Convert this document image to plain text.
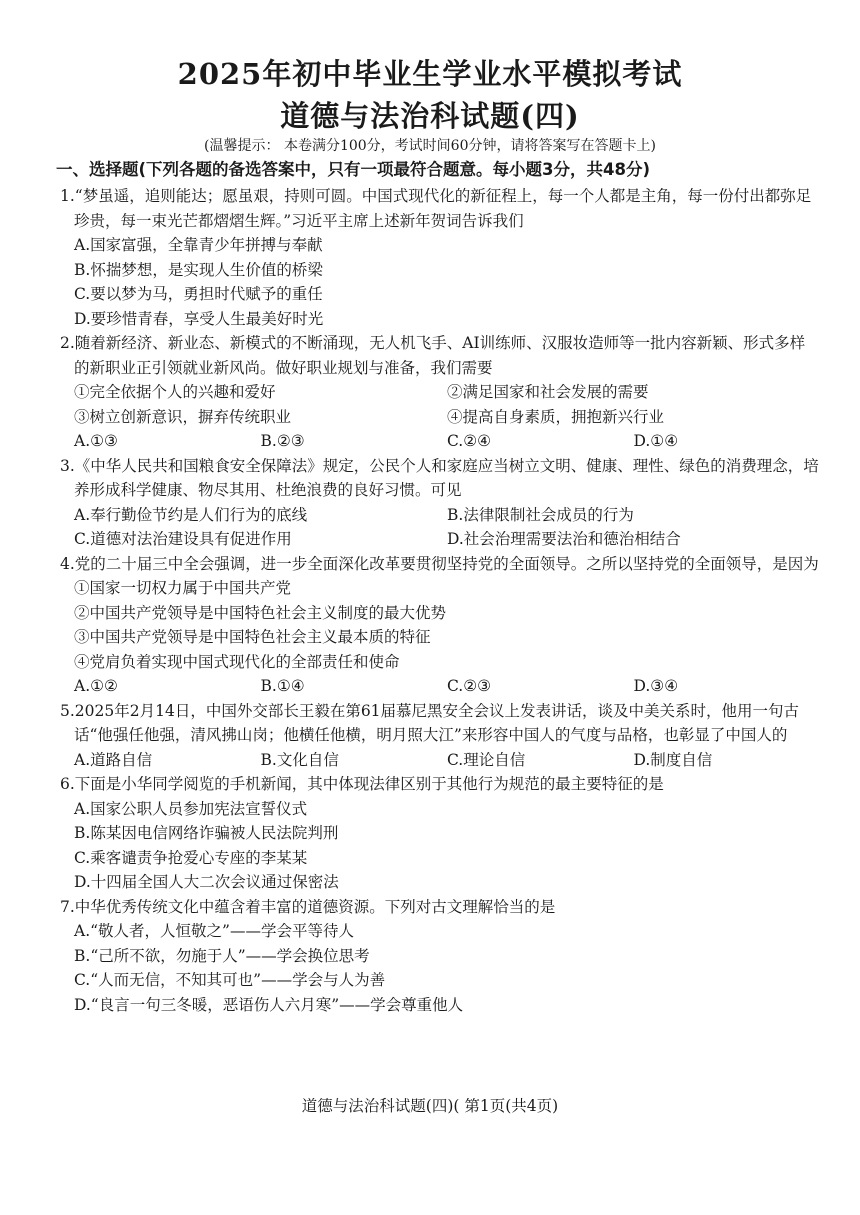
2025年初中毕业生学业水平模拟考试
道德与法治科试题(四)
(温馨提示： 本卷满分100分，考试时间60分钟，请将答案写在答题卡上)
一、选择题(下列各题的备选答案中，只有一项最符合题意。每小题3分，共48分)

1.“梦虽遥，追则能达；愿虽艰，持则可圆。中国式现代化的新征程上，每一个人都是主角，每一份付出都弥足珍贵，每一束光芒都熠熠生辉。”习近平主席上述新年贺词告诉我们

A.国家富强，全靠青少年拼搏与奉献
B.怀揣梦想，是实现人生价值的桥梁
C.要以梦为马，勇担时代赋予的重任
D.要珍惜青春，享受人生最美好时光

2.随着新经济、新业态、新模式的不断涌现，无人机飞手、AI训练师、汉服妆造师等一批内容新颖、形式多样的新职业正引领就业新风尚。做好职业规划与准备，我们需要

①完全依据个人的兴趣和爱好	②满足国家和社会发展的需要
③树立创新意识，摒弃传统职业	④提高自身素质，拥抱新兴行业
A.①③	B.②③	C.②④	D.①④

3.《中华人民共和国粮食安全保障法》规定，公民个人和家庭应当树立文明、健康、理性、绿色的消费理念，培养形成科学健康、物尽其用、杜绝浪费的良好习惯。可见

A.奉行勤俭节约是人们行为的底线	B.法律限制社会成员的行为
C.道德对法治建设具有促进作用	D.社会治理需要法治和德治相结合

4.党的二十届三中全会强调，进一步全面深化改革要贯彻坚持党的全面领导。之所以坚持党的全面领导，是因为

①国家一切权力属于中国共产党
②中国共产党领导是中国特色社会主义制度的最大优势
③中国共产党领导是中国特色社会主义最本质的特征
④党肩负着实现中国式现代化的全部责任和使命
A.①②	B.①④	C.②③	D.③④

5.2025年2月14日，中国外交部长王毅在第61届慕尼黑安全会议上发表讲话，谈及中美关系时，他用一句古话“他强任他强，清风拂山岗；他横任他横，明月照大江”来形容中国人的气度与品格，也彰显了中国人的

A.道路自信	B.文化自信	C.理论自信	D.制度自信

6.下面是小华同学阅览的手机新闻，其中体现法律区别于其他行为规范的最主要特征的是

A.国家公职人员参加宪法宣誓仪式
B.陈某因电信网络诈骗被人民法院判刑
C.乘客谴责争抢爱心专座的李某某
D.十四届全国人大二次会议通过保密法

7.中华优秀传统文化中蕴含着丰富的道德资源。下列对古文理解恰当的是

A.“敬人者，人恒敬之”——学会平等待人
B.“己所不欲，勿施于人”——学会换位思考
C.“人而无信，不知其可也”——学会与人为善
D.“良言一句三冬暖，恶语伤人六月寒”——学会尊重他人
道德与法治科试题(四)( 第1页(共4页)
